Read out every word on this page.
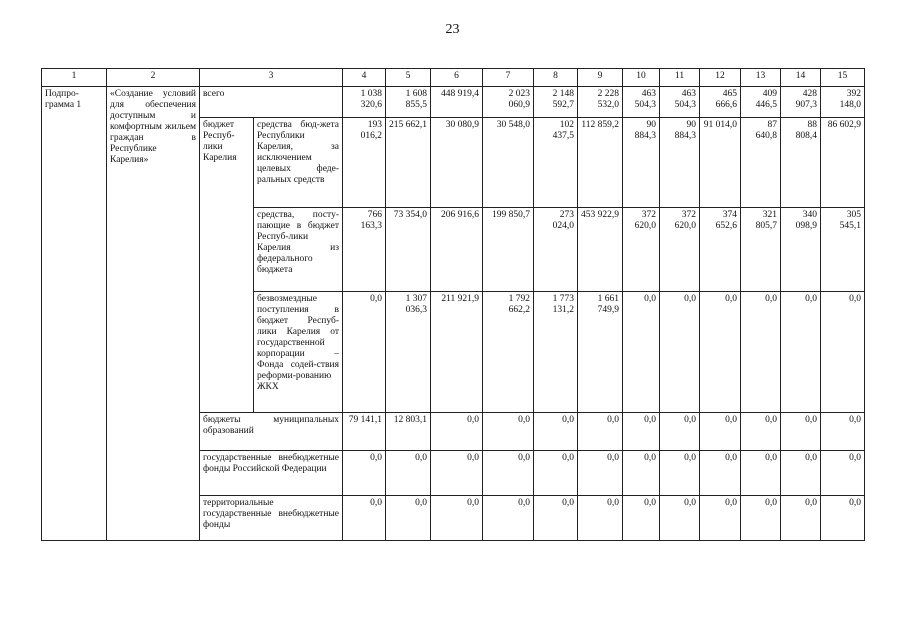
23
1	2	3		4	5	6	7	8	9	10	11	12	13	14	15
Подпро-грамма 1	«Создание условий для обеспечения доступным и комфортным жильем граждан в Республике Карелия»	всего		1 038 320,6	1 608 855,5	448 919,4	2 023 060,9	2 148 592,7	2 228 532,0	463 504,3	463 504,3	465 666,6	409 446,5	428 907,3	392 148,0
		бюджет Респуб-лики Карелия	средства бюд-жета Республики Карелия, за исключением целевых феде-ральных средств	193 016,2	215 662,1	30 080,9	30 548,0	102 437,5	112 859,2	90 884,3	90 884,3	91 014,0	87 640,8	88 808,4	86 602,9
			средства, посту-пающие в бюджет Респуб-лики Карелия из федерального бюджета	766 163,3	73 354,0	206 916,6	199 850,7	273 024,0	453 922,9	372 620,0	372 620,0	374 652,6	321 805,7	340 098,9	305 545,1
			безвозмездные поступления в бюджет Респуб-лики Карелия от государственной корпорации – Фонда содей-ствия реформи-рованию ЖКХ	0,0	1 307 036,3	211 921,9	1 792 662,2	1 773 131,2	1 661 749,9	0,0	0,0	0,0	0,0	0,0	0,0
		бюджеты муниципальных образований		79 141,1	12 803,1	0,0	0,0	0,0	0,0	0,0	0,0	0,0	0,0	0,0	0,0
		государственные внебюджетные фонды Российской Федерации		0,0	0,0	0,0	0,0	0,0	0,0	0,0	0,0	0,0	0,0	0,0	0,0
		территориальные государственные внебюджетные фонды		0,0	0,0	0,0	0,0	0,0	0,0	0,0	0,0	0,0	0,0	0,0	0,0
